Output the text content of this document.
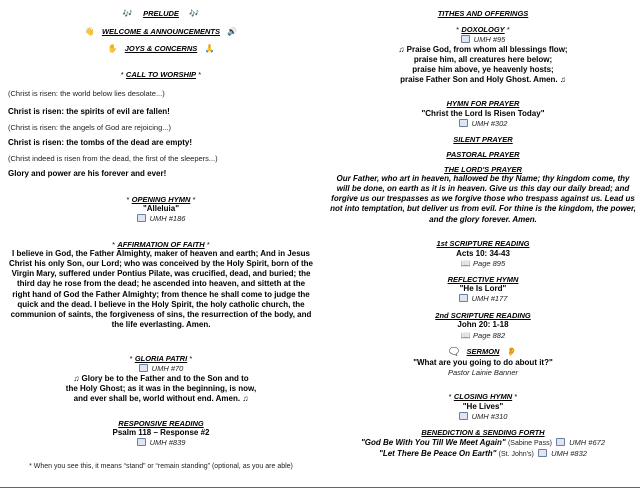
🎶 PRELUDE 🎶
👋 WELCOME & ANNOUNCEMENTS 🔊
✋ JOYS & CONCERNS 🙏
* CALL TO WORSHIP *
(Christ is risen: the world below lies desolate...)
Christ is risen: the spirits of evil are fallen!
(Christ is risen: the angels of God are rejoicing...)
Christ is risen: the tombs of the dead are empty!
(Christ indeed is risen from the dead, the first of the sleepers...)
Glory and power are his forever and ever!
* OPENING HYMN *
"Alleluia"
UMH #186
* AFFIRMATION OF FAITH *
I believe in God, the Father Almighty, maker of heaven and earth; And in Jesus Christ his only Son, our Lord; who was conceived by the Holy Spirit, born of the Virgin Mary, suffered under Pontius Pilate, was crucified, dead, and buried; the third day he rose from the dead; he ascended into heaven, and sitteth at the right hand of God the Father Almighty; from thence he shall come to judge the quick and the dead. I believe in the Holy Spirit, the holy catholic church, the communion of saints, the forgiveness of sins, the resurrection of the body, and the life everlasting. Amen.
* GLORIA PATRI *
UMH #70
♫ Glory be to the Father and to the Son and to
the Holy Ghost; as it was in the beginning, is now,
and ever shall be, world without end. Amen. ♫
RESPONSIVE READING
Psalm 118 – Response #2
UMH #839
* When you see this, it means “stand” or “remain standing” (optional, as you are able)
TITHES AND OFFERINGS
* DOXOLOGY *
UMH #95
♫ Praise God, from whom all blessings flow;
praise him, all creatures here below;
praise him above, ye heavenly hosts;
praise Father Son and Holy Ghost. Amen. ♫
HYMN FOR PRAYER
"Christ the Lord Is Risen Today"
UMH #302
SILENT PRAYER
PASTORAL PRAYER
THE LORD'S PRAYER
Our Father, who art in heaven, hallowed be thy Name; thy kingdom come, thy will be done, on earth as it is in heaven. Give us this day our daily bread; and forgive us our trespasses as we forgive those who trespass against us. Lead us not into temptation, but deliver us from evil. For thine is the kingdom, the power, and the glory forever. Amen.
1st SCRIPTURE READING
Acts 10: 34-43
📖 Page 895
REFLECTIVE HYMN
"He Is Lord"
UMH #177
2nd SCRIPTURE READING
John 20: 1-18
📖 Page 882
🗨️ SERMON 👂
"What are you going to do about it?"
Pastor Lainie Banner
* CLOSING HYMN *
"He Lives"
UMH #310
BENEDICTION & SENDING FORTH
"God Be With You Till We Meet Again" (Sabine Pass) UMH #672
"Let There Be Peace On Earth" (St. John's) UMH #832
